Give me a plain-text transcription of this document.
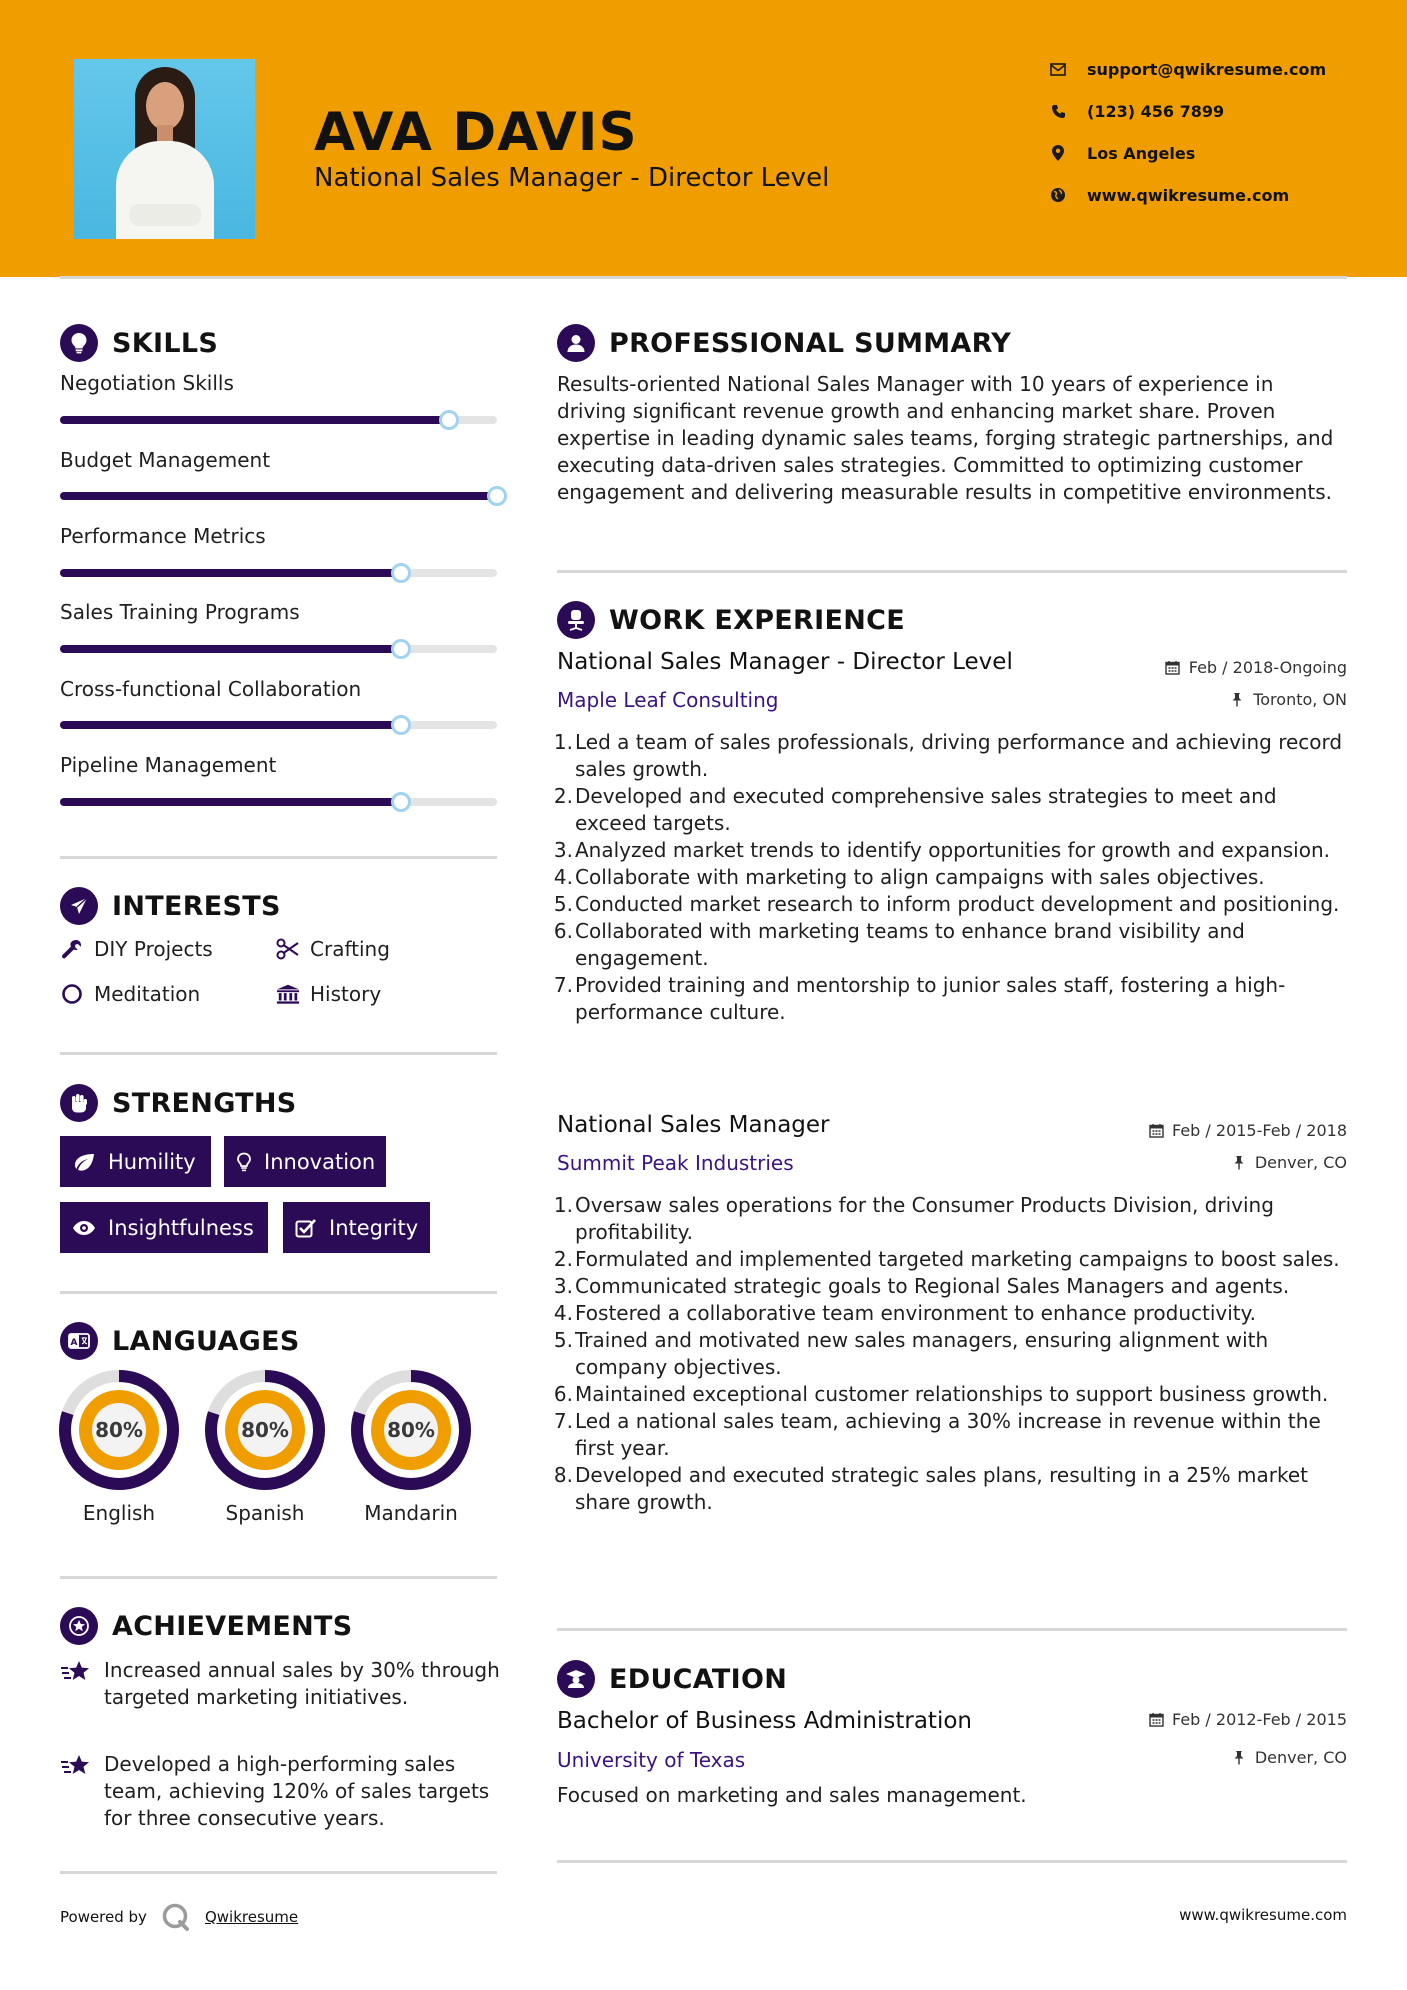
AVA DAVIS
National Sales Manager - Director Level
support@qwikresume.com
(123) 456 7899
Los Angeles
www.qwikresume.com
SKILLS
Negotiation Skills
Budget Management
Performance Metrics
Sales Training Programs
Cross-functional Collaboration
Pipeline Management
INTERESTS
DIY Projects	Crafting
Meditation	History
STRENGTHS
Humility	Innovation
Insightfulness	Integrity
A LANGUAGES
80%
English
80%
Spanish
80%
Mandarin
ACHIEVEMENTS
Increased annual sales by 30% through targeted marketing initiatives.
Developed a high-performing sales team, achieving 120% of sales targets for three consecutive years.
PROFESSIONAL SUMMARY
Results-oriented National Sales Manager with 10 years of experience in driving significant revenue growth and enhancing market share. Proven expertise in leading dynamic sales teams, forging strategic partnerships, and executing data-driven sales strategies. Committed to optimizing customer engagement and delivering measurable results in competitive environments.
WORK EXPERIENCE
National Sales Manager - Director Level	Feb / 2018-Ongoing
Maple Leaf Consulting	Toronto, ON
1. Led a team of sales professionals, driving performance and achieving record sales growth.
2. Developed and executed comprehensive sales strategies to meet and exceed targets.
3. Analyzed market trends to identify opportunities for growth and expansion.
4. Collaborate with marketing to align campaigns with sales objectives.
5. Conducted market research to inform product development and positioning.
6. Collaborated with marketing teams to enhance brand visibility and engagement.
7. Provided training and mentorship to junior sales staff, fostering a high-performance culture.
National Sales Manager	Feb / 2015-Feb / 2018
Summit Peak Industries	Denver, CO
1. Oversaw sales operations for the Consumer Products Division, driving profitability.
2. Formulated and implemented targeted marketing campaigns to boost sales.
3. Communicated strategic goals to Regional Sales Managers and agents.
4. Fostered a collaborative team environment to enhance productivity.
5. Trained and motivated new sales managers, ensuring alignment with company objectives.
6. Maintained exceptional customer relationships to support business growth.
7. Led a national sales team, achieving a 30% increase in revenue within the first year.
8. Developed and executed strategic sales plans, resulting in a 25% market share growth.
EDUCATION
Bachelor of Business Administration	Feb / 2012-Feb / 2015
University of Texas	Denver, CO
Focused on marketing and sales management.
Powered by	Qwikresume	www.qwikresume.com
